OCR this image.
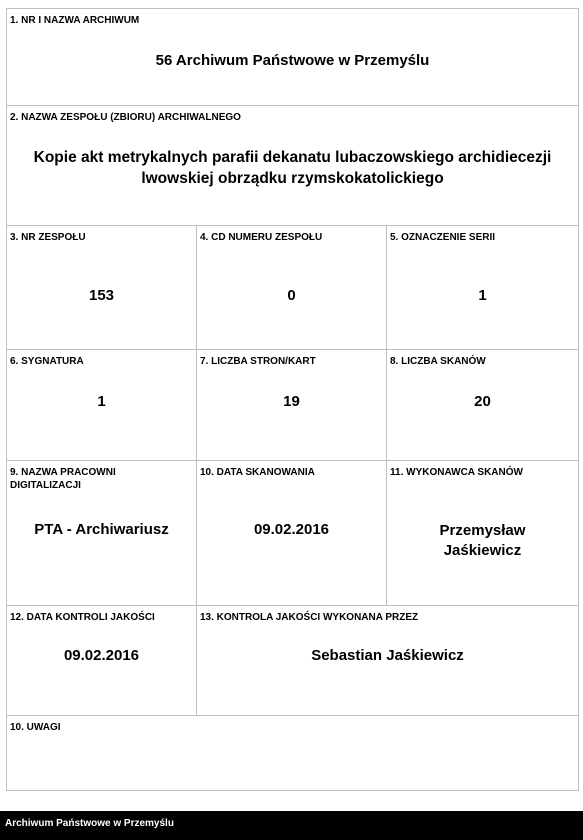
1. NR I NAZWA ARCHIWUM
56 Archiwum Państwowe w Przemyślu
2. NAZWA ZESPOŁU (ZBIORU) ARCHIWALNEGO
Kopie akt metrykalnych parafii dekanatu lubaczowskiego archidiecezji
lwowskiej obrządku rzymskokatolickiego
3. NR ZESPOŁU
153
4. CD NUMERU ZESPOŁU
0
5. OZNACZENIE SERII
1
6. SYGNATURA
1
7. LICZBA STRON/KART
19
8. LICZBA SKANÓW
20
9. NAZWA PRACOWNI
DIGITALIZACJI
PTA - Archiwariusz
10. DATA SKANOWANIA
09.02.2016
11. WYKONAWCA SKANÓW
Przemysław
Jaśkiewicz
12. DATA KONTROLI JAKOŚCI
09.02.2016
13. KONTROLA JAKOŚCI WYKONANA PRZEZ
Sebastian Jaśkiewicz
10. UWAGI
Archiwum Państwowe w Przemyślu
